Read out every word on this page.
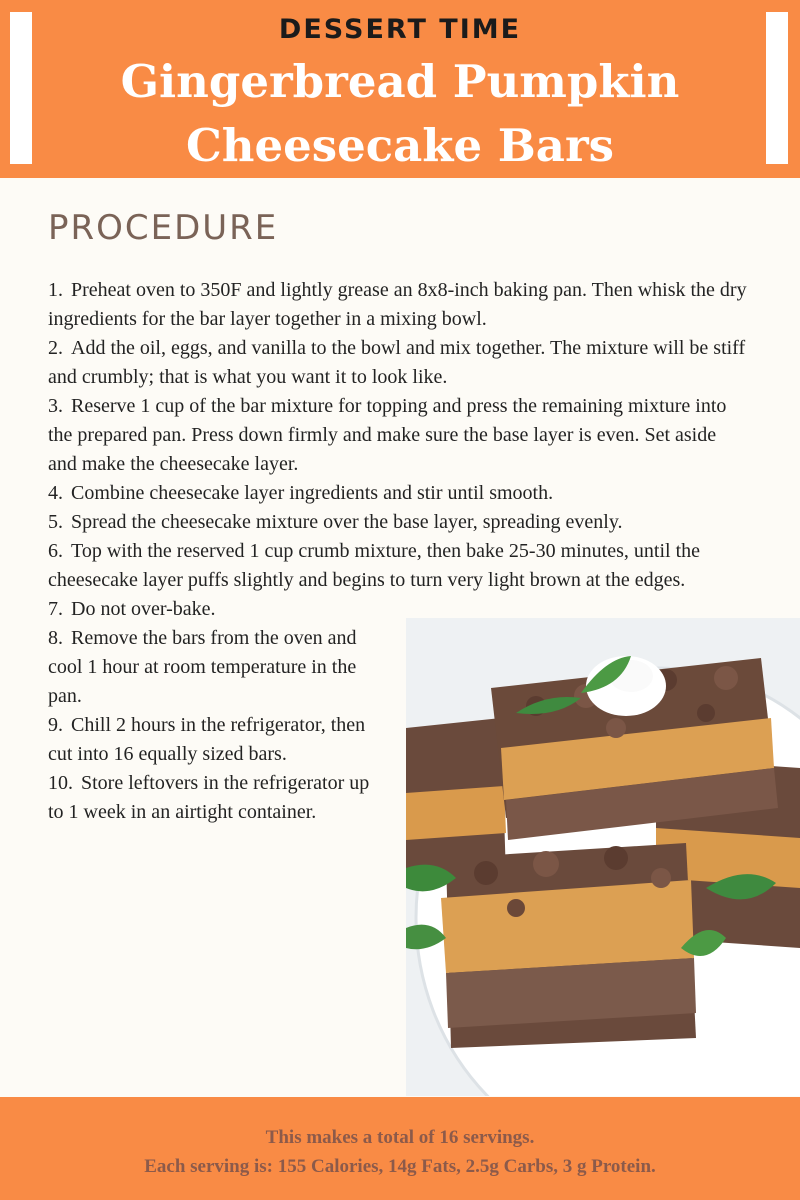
DESSERT TIME
Gingerbread Pumpkin
Cheesecake Bars
PROCEDURE
1. Preheat oven to 350F and lightly grease an 8x8-inch baking pan. Then whisk the dry ingredients for the bar layer together in a mixing bowl.
2. Add the oil, eggs, and vanilla to the bowl and mix together. The mixture will be stiff and crumbly; that is what you want it to look like.
3. Reserve 1 cup of the bar mixture for topping and press the remaining mixture into the prepared pan. Press down firmly and make sure the base layer is even. Set aside and make the cheesecake layer.
4. Combine cheesecake layer ingredients and stir until smooth.
5. Spread the cheesecake mixture over the base layer, spreading evenly.
6. Top with the reserved 1 cup crumb mixture, then bake 25-30 minutes, until the cheesecake layer puffs slightly and begins to turn very light brown at the edges.
7. Do not over-bake.
8. Remove the bars from the oven and cool 1 hour at room temperature in the pan.
9. Chill 2 hours in the refrigerator, then cut into 16 equally sized bars.
10. Store leftovers in the refrigerator up to 1 week in an airtight container.
This makes a total of 16 servings.
Each serving is: 155 Calories, 14g Fats, 2.5g Carbs, 3 g Protein.
